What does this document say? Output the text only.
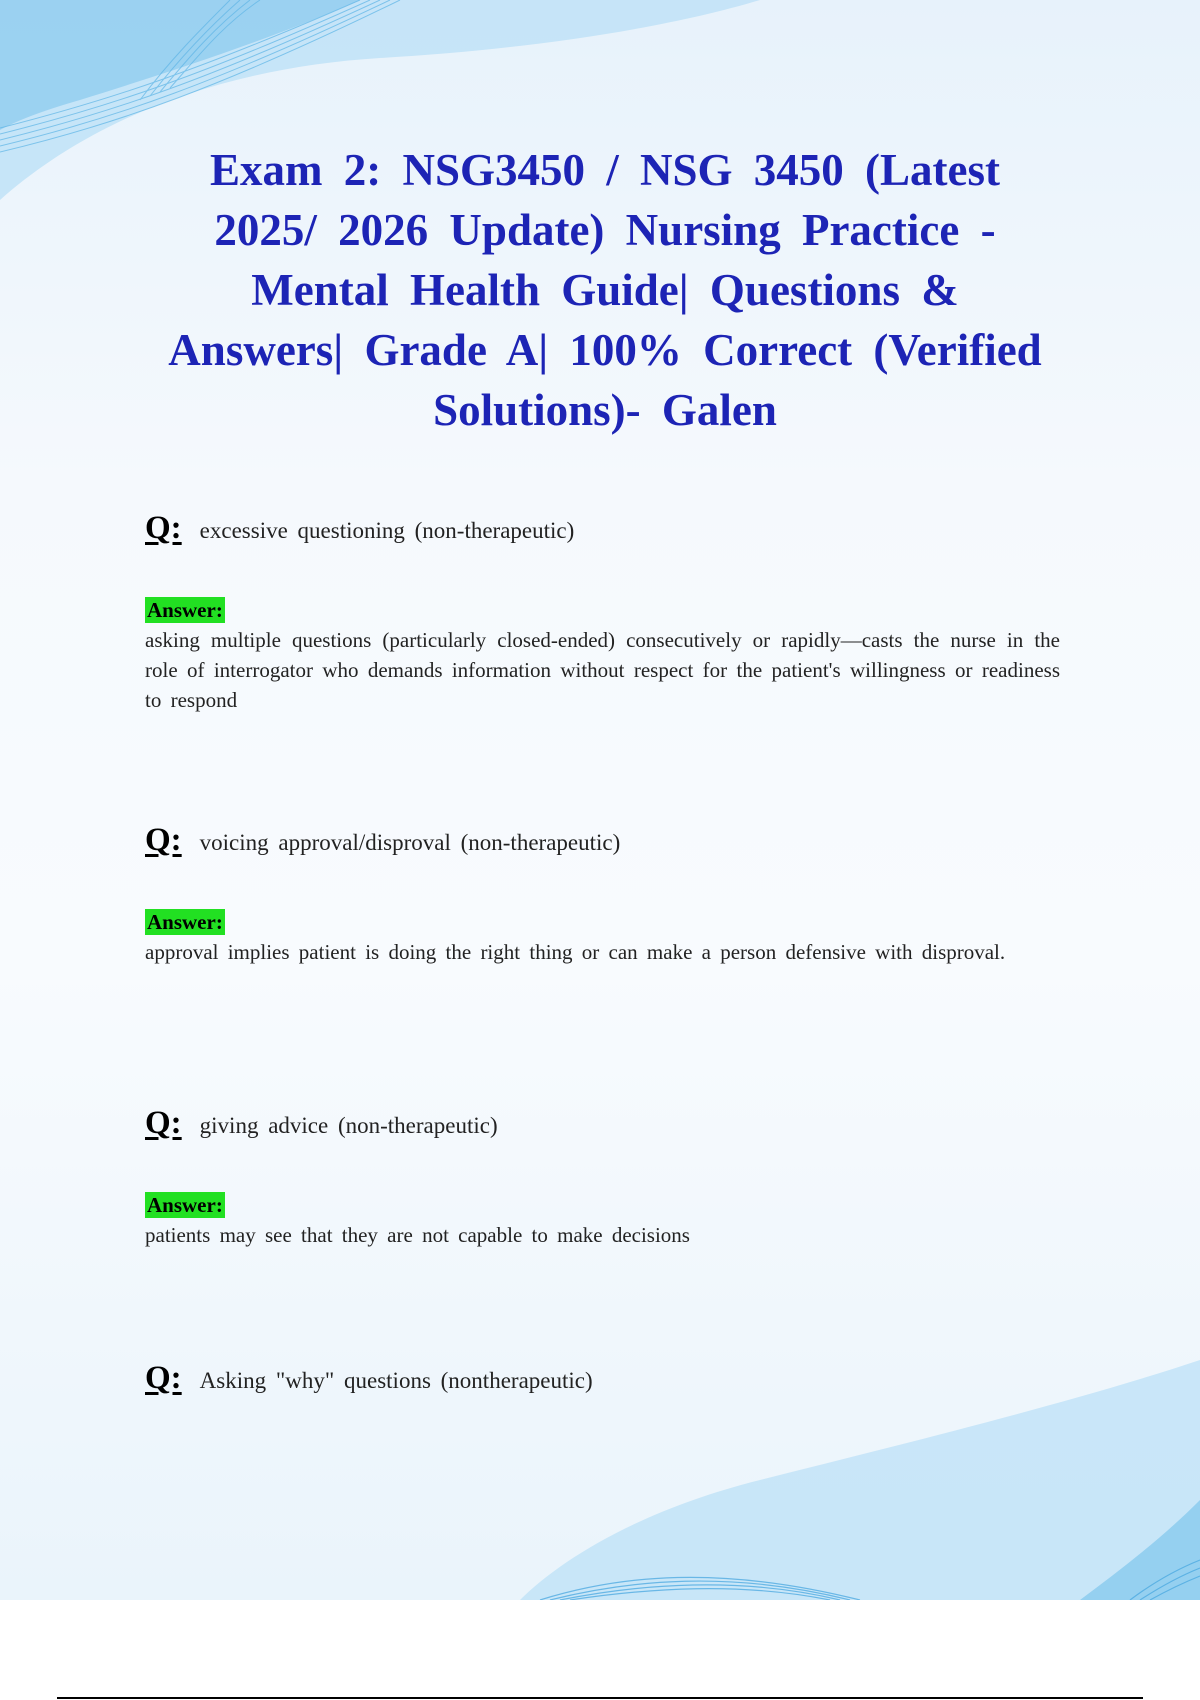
Exam 2: NSG3450 / NSG 3450 (Latest 2025/ 2026 Update) Nursing Practice - Mental Health Guide| Questions & Answers| Grade A| 100% Correct (Verified Solutions)- Galen
Q: excessive questioning (non-therapeutic)
Answer:

asking multiple questions (particularly closed-ended) consecutively or rapidly—casts the nurse in the role of interrogator who demands information without respect for the patient's willingness or readiness to respond

Q: voicing approval/disproval (non-therapeutic)
Answer:

approval implies patient is doing the right thing or can make a person defensive with disproval.

Q: giving advice (non-therapeutic)
Answer:

patients may see that they are not capable to make decisions

Q: Asking "why" questions (nontherapeutic)
